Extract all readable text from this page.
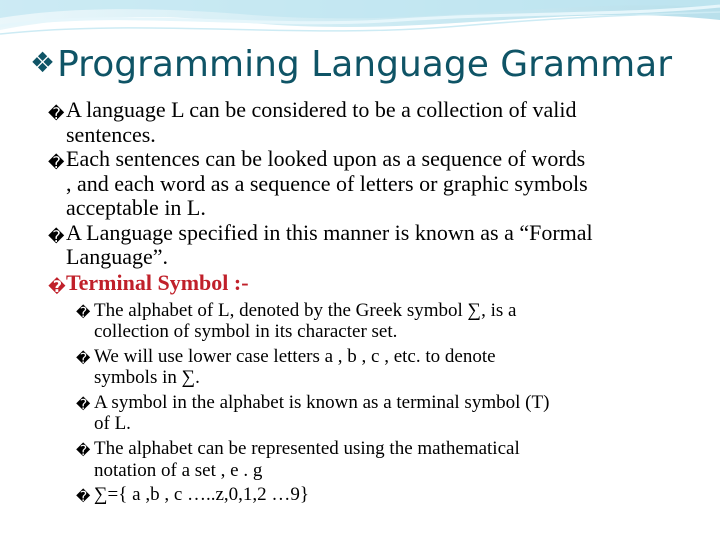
❖Programming Language Grammar
� A language L can be considered to be a collection of valid
sentences.
� Each sentences can be looked upon as a sequence of words
, and each word as a sequence of letters or graphic symbols
acceptable in L.
� A Language specified in this manner is known as a “Formal
Language”.
� Terminal Symbol :-
� The alphabet of L, denoted by the Greek symbol ∑, is a
collection of symbol in its character set.
� We will use lower case letters a , b , c , etc. to denote
symbols in ∑.
� A symbol in the alphabet is known as a terminal symbol (T)
of L.
� The alphabet can be represented using the mathematical
notation of a set , e . g
� ∑={ a ,b , c …..z,0,1,2 …9}
